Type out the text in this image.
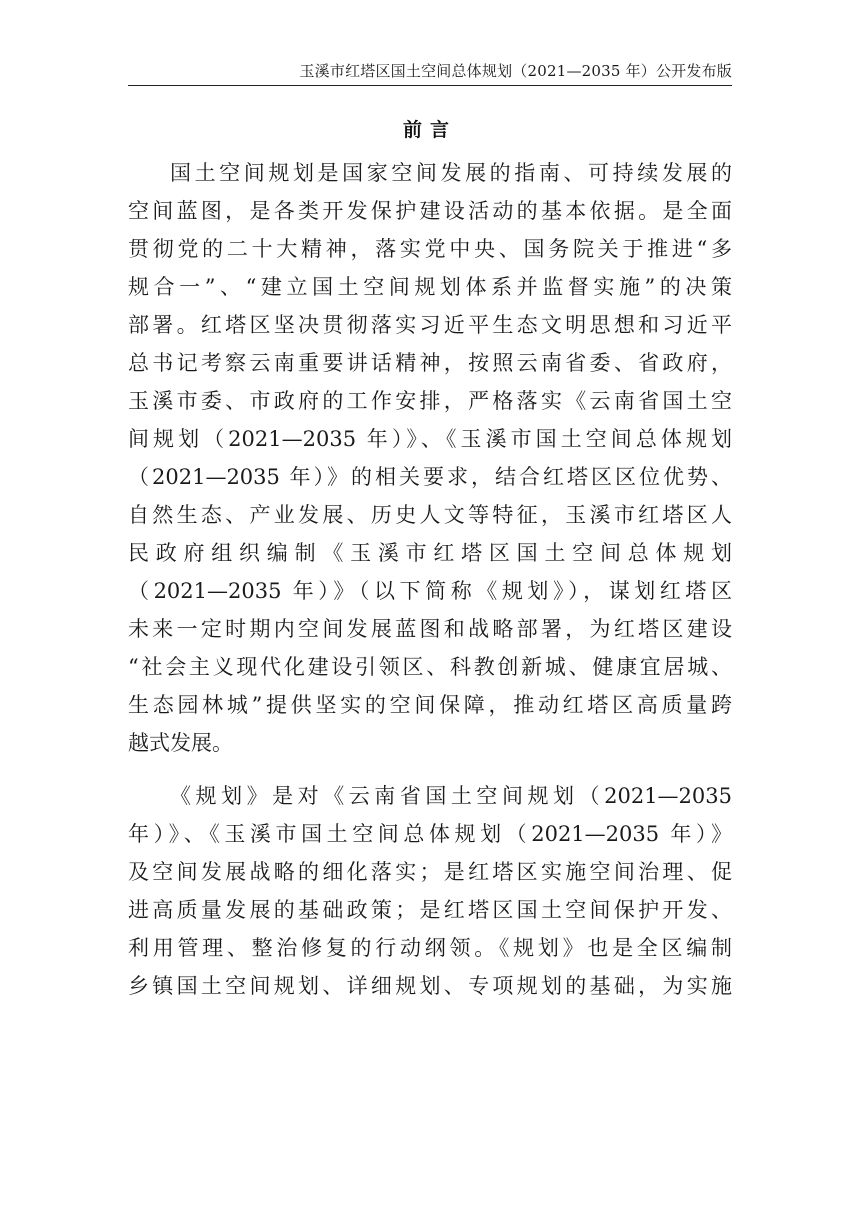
玉溪市红塔区国土空间总体规划（2021—2035 年）公开发布版
前言
国土空间规划是国家空间发展的指南、可持续发展的
空间蓝图，是各类开发保护建设活动的基本依据。是全面
贯彻党的二十大精神，落实党中央、国务院关于推进“多
规合一”、“建立国土空间规划体系并监督实施”的决策
部署。红塔区坚决贯彻落实习近平生态文明思想和习近平
总书记考察云南重要讲话精神，按照云南省委、省政府，
玉溪市委、市政府的工作安排，严格落实《云南省国土空
间规划（2021—2035 年）》、《玉溪市国土空间总体规划
（2021—2035 年）》的相关要求，结合红塔区区位优势、
自然生态、产业发展、历史人文等特征，玉溪市红塔区人
民政府组织编制《玉溪市红塔区国土空间总体规划
（2021—2035 年）》（以下简称《规划》），谋划红塔区
未来一定时期内空间发展蓝图和战略部署，为红塔区建设
“社会主义现代化建设引领区、科教创新城、健康宜居城、
生态园林城”提供坚实的空间保障，推动红塔区高质量跨
越式发展。
《规划》是对《云南省国土空间规划（2021—2035
年）》、《玉溪市国土空间总体规划（2021—2035 年）》
及空间发展战略的细化落实；是红塔区实施空间治理、促
进高质量发展的基础政策；是红塔区国土空间保护开发、
利用管理、整治修复的行动纲领。《规划》也是全区编制
乡镇国土空间规划、详细规划、专项规划的基础，为实施
